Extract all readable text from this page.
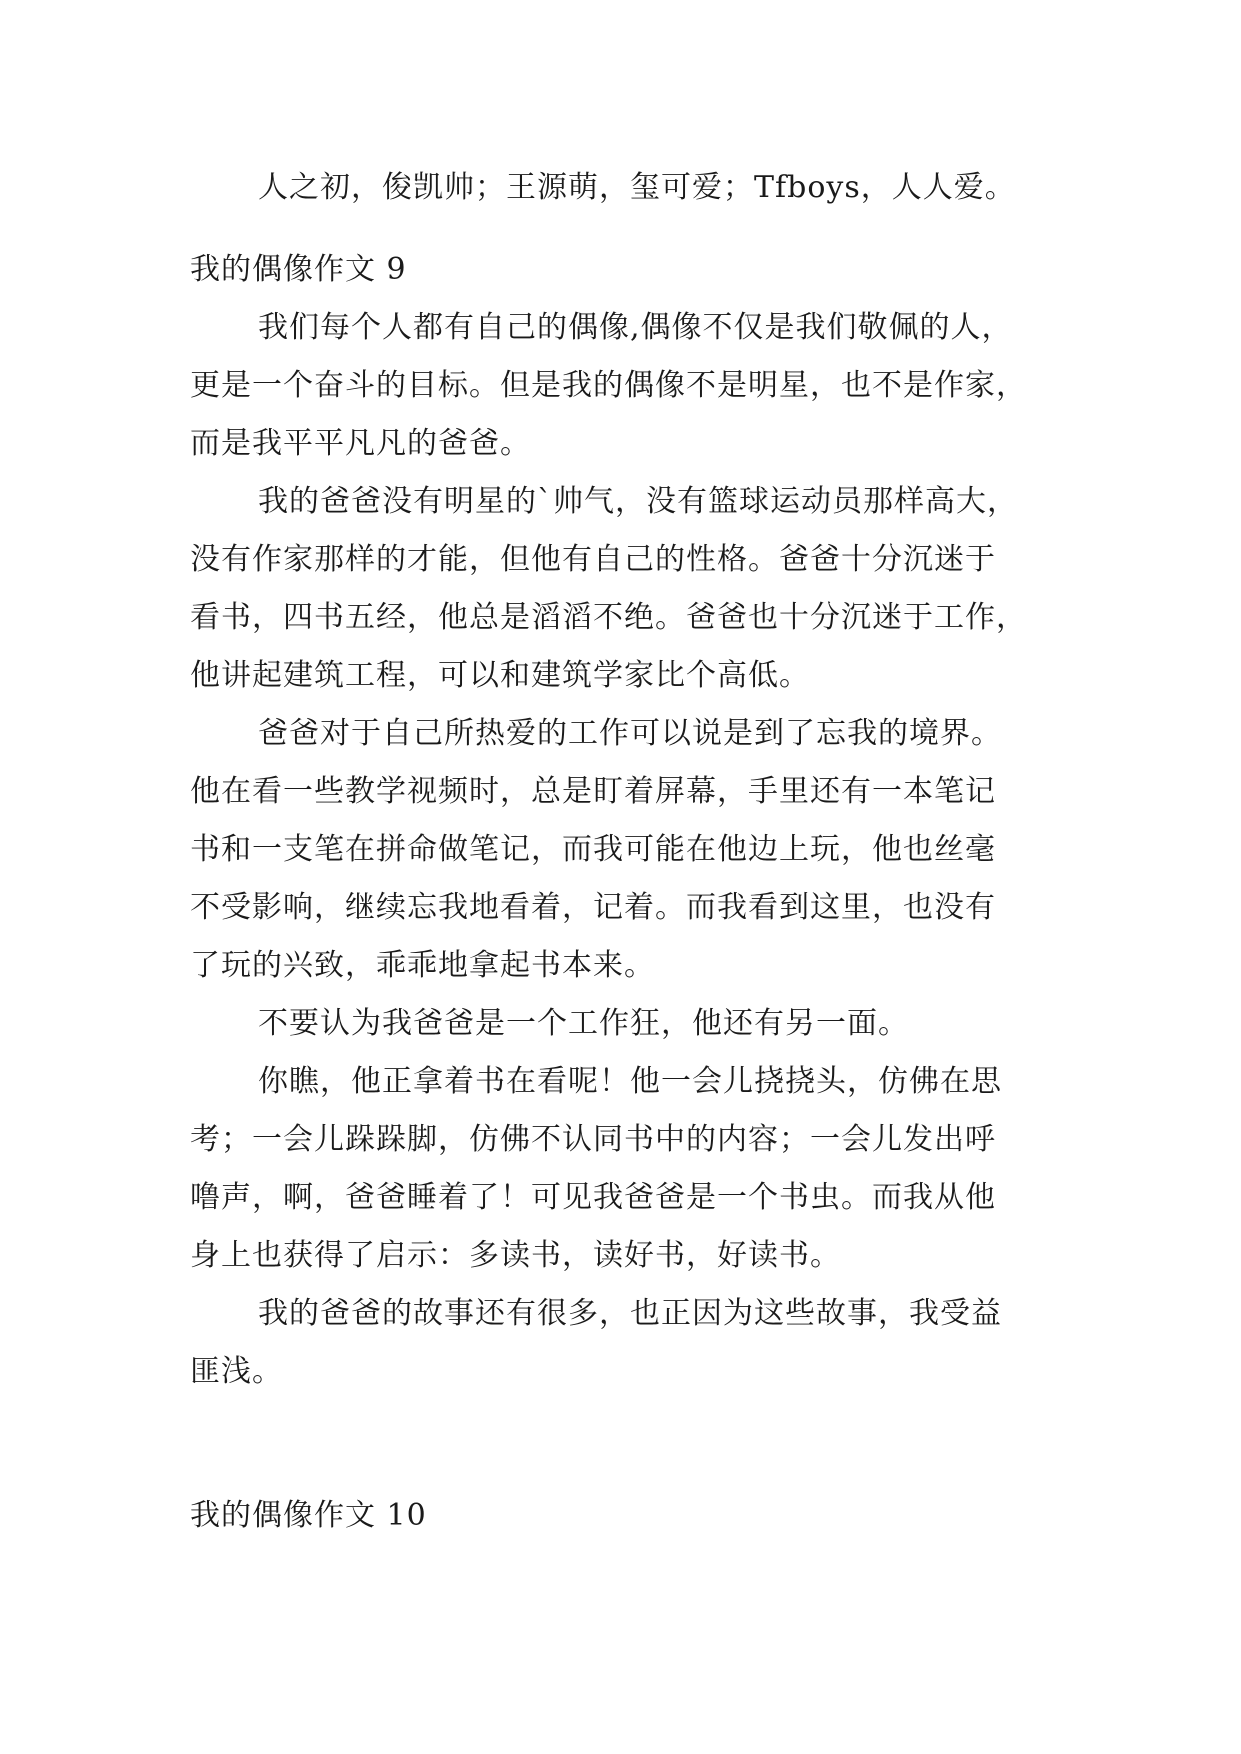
人之初，俊凯帅；王源萌，玺可爱；Tfboys，人人爱。
我的偶像作文 9
我们每个人都有自己的偶像,偶像不仅是我们敬佩的人，
更是一个奋斗的目标。但是我的偶像不是明星，也不是作家，
而是我平平凡凡的爸爸。
我的爸爸没有明星的`帅气，没有篮球运动员那样高大，
没有作家那样的才能，但他有自己的性格。爸爸十分沉迷于
看书，四书五经，他总是滔滔不绝。爸爸也十分沉迷于工作，
他讲起建筑工程，可以和建筑学家比个高低。
爸爸对于自己所热爱的工作可以说是到了忘我的境界。
他在看一些教学视频时，总是盯着屏幕，手里还有一本笔记
书和一支笔在拼命做笔记，而我可能在他边上玩，他也丝毫
不受影响，继续忘我地看着，记着。而我看到这里，也没有
了玩的兴致，乖乖地拿起书本来。
不要认为我爸爸是一个工作狂，他还有另一面。
你瞧，他正拿着书在看呢！他一会儿挠挠头，仿佛在思
考；一会儿跺跺脚，仿佛不认同书中的内容；一会儿发出呼
噜声，啊，爸爸睡着了！可见我爸爸是一个书虫。而我从他
身上也获得了启示：多读书，读好书，好读书。
我的爸爸的故事还有很多，也正因为这些故事，我受益
匪浅。
我的偶像作文 10
